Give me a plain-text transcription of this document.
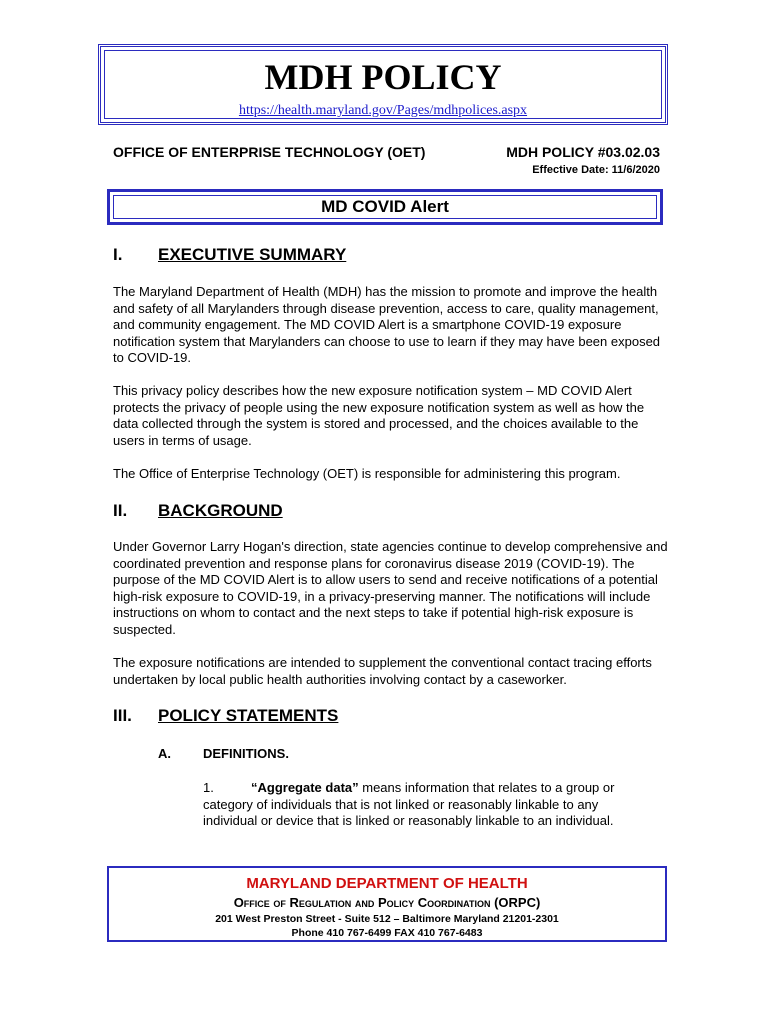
MDH POLICY
https://health.maryland.gov/Pages/mdhpolices.aspx
OFFICE OF ENTERPRISE TECHNOLOGY (OET)	MDH POLICY #03.02.03
Effective Date: 11/6/2020
MD COVID Alert
I. EXECUTIVE SUMMARY

The Maryland Department of Health (MDH) has the mission to promote and improve the health and safety of all Marylanders through disease prevention, access to care, quality management, and community engagement. The MD COVID Alert is a smartphone COVID-19 exposure notification system that Marylanders can choose to use to learn if they may have been exposed to COVID-19.

This privacy policy describes how the new exposure notification system – MD COVID Alert protects the privacy of people using the new exposure notification system as well as how the data collected through the system is stored and processed, and the choices available to the users in terms of usage.

The Office of Enterprise Technology (OET) is responsible for administering this program.

II. BACKGROUND

Under Governor Larry Hogan's direction, state agencies continue to develop comprehensive and coordinated prevention and response plans for coronavirus disease 2019 (COVID-19). The purpose of the MD COVID Alert is to allow users to send and receive notifications of a potential high-risk exposure to COVID-19, in a privacy-preserving manner. The notifications will include instructions on whom to contact and the next steps to take if potential high-risk exposure is suspected.

The exposure notifications are intended to supplement the conventional contact tracing efforts undertaken by local public health authorities involving contact by a caseworker.

III. POLICY STATEMENTS
A. DEFINITIONS.

1.	“Aggregate data” means information that relates to a group or category of individuals that is not linked or reasonably linkable to any individual or device that is linked or reasonably linkable to an individual.

MARYLAND DEPARTMENT OF HEALTH
Office of Regulation and Policy Coordination (ORPC)
201 West Preston Street - Suite 512 – Baltimore Maryland 21201-2301
Phone 410 767-6499 FAX 410 767-6483
